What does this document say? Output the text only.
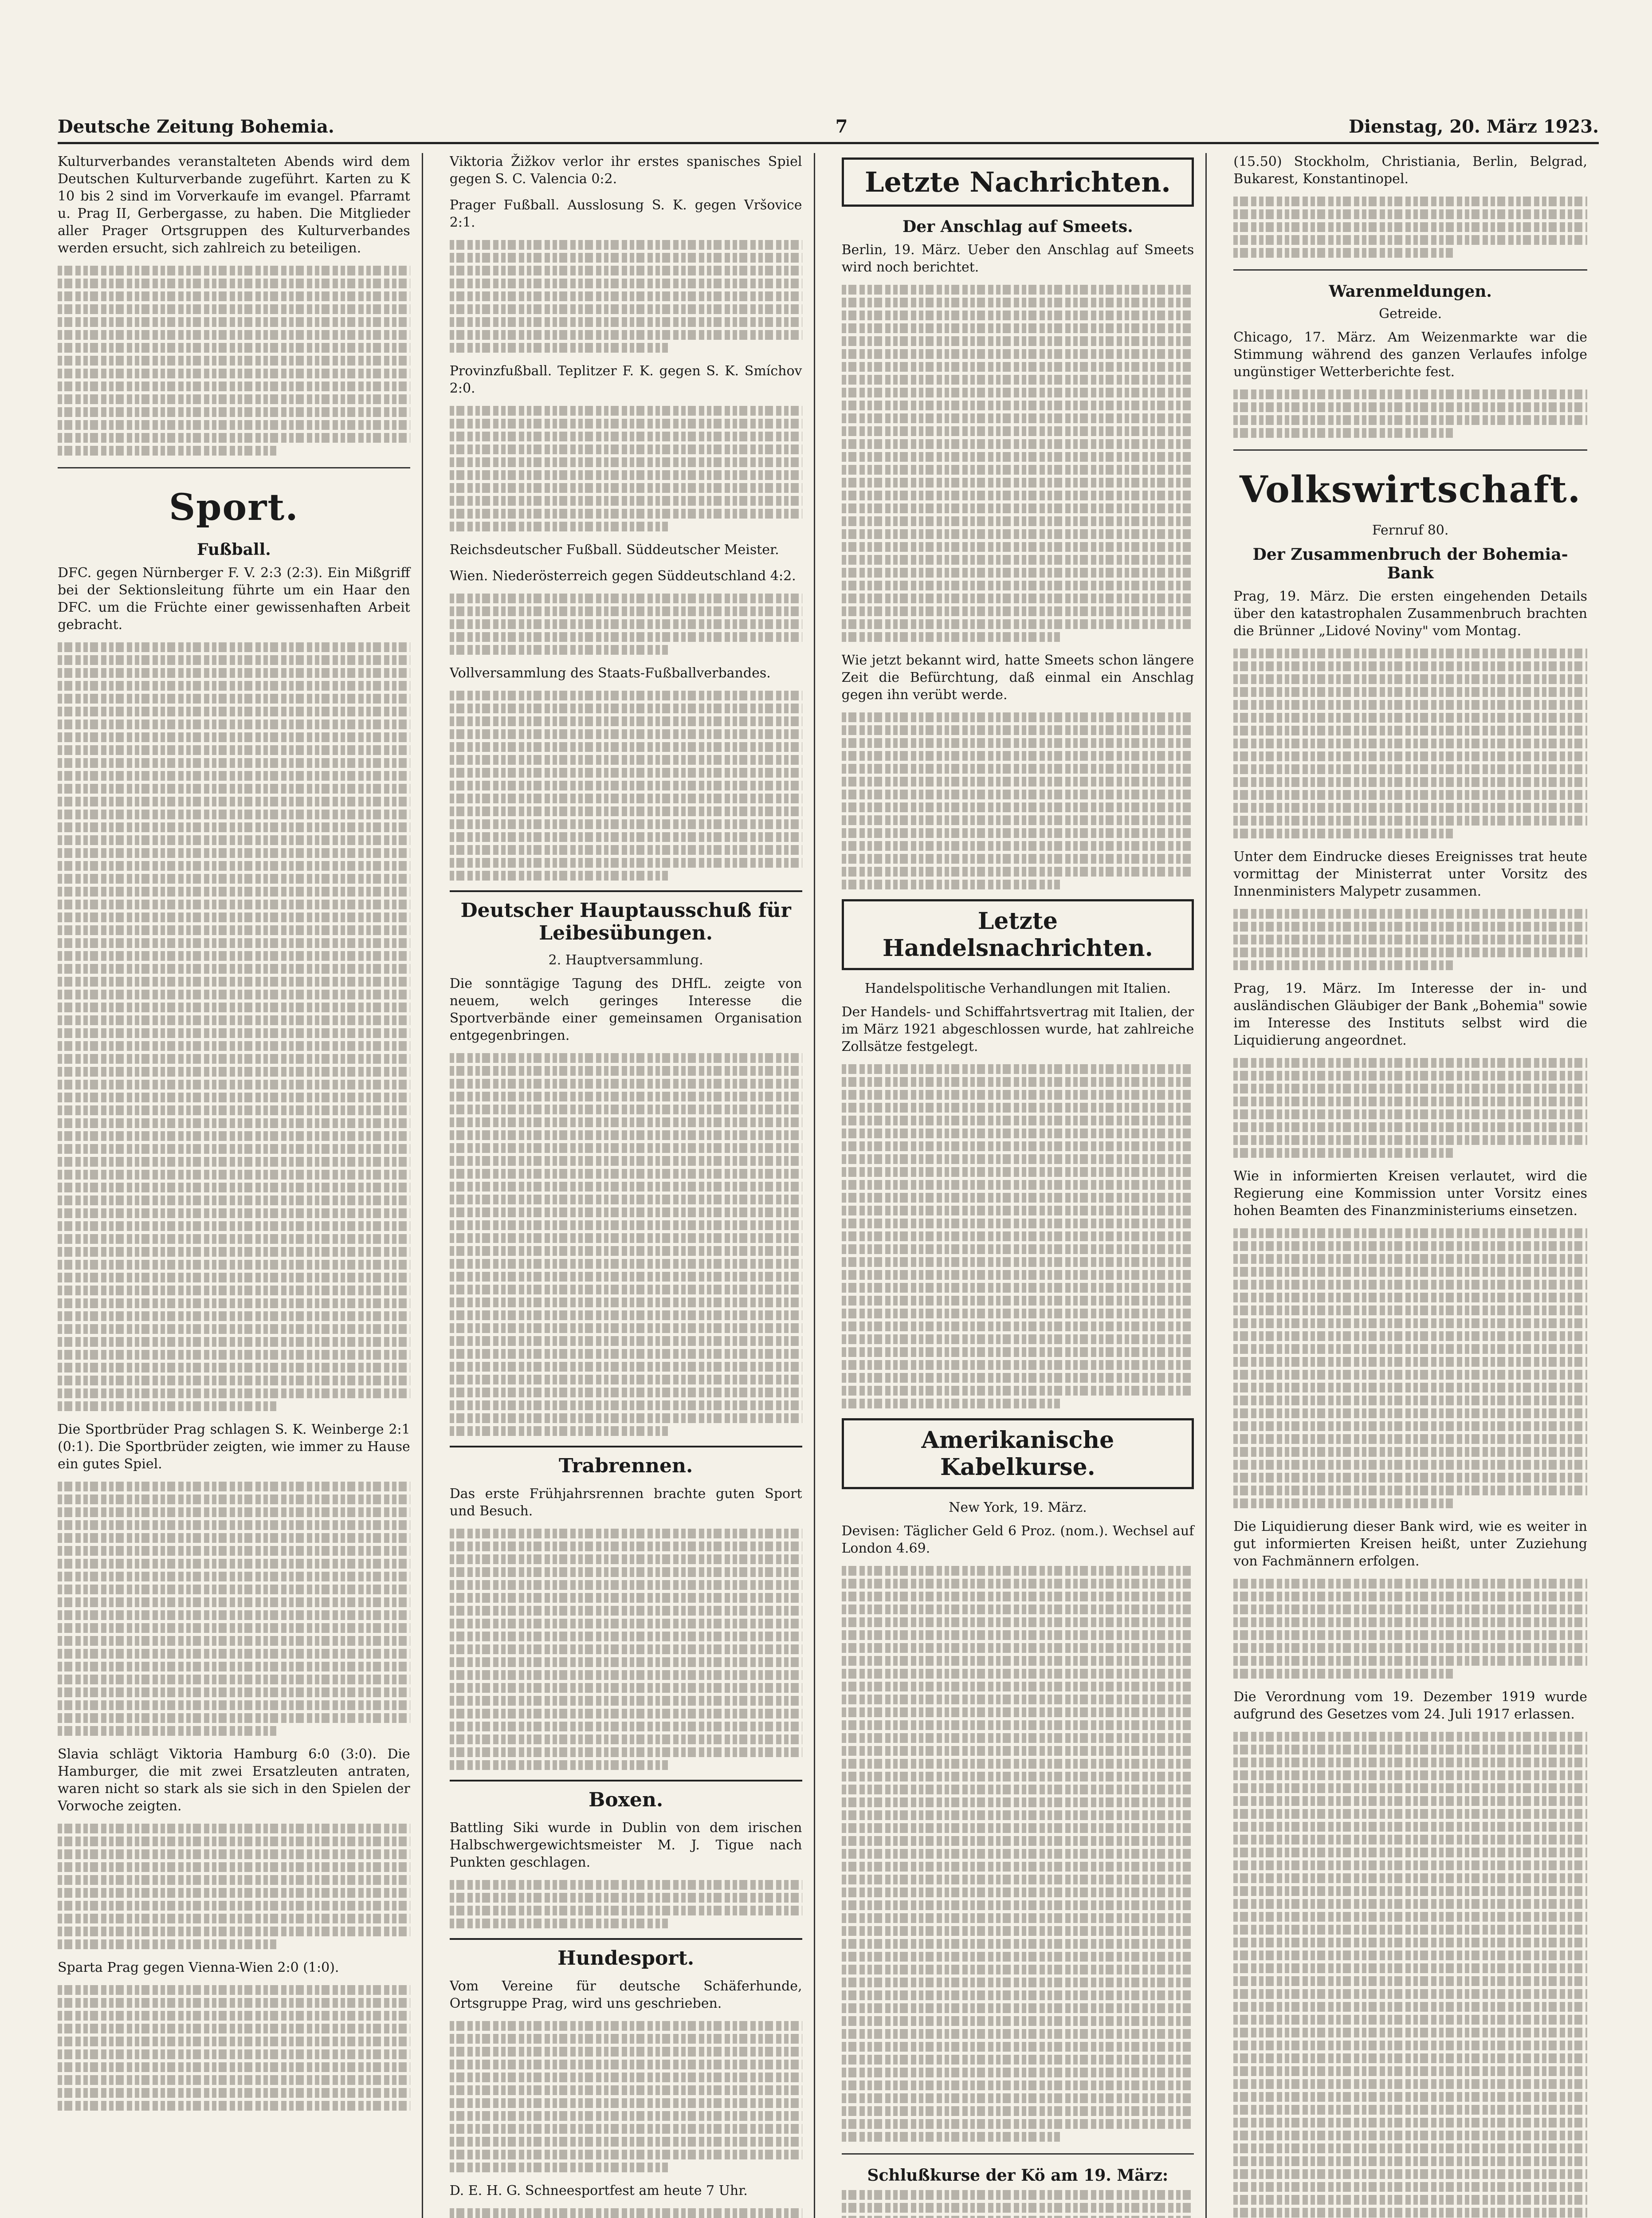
Deutsche Zeitung Bohemia.	7	Dienstag, 20. März 1923.

Kulturverbandes veranstalteten Abends wird dem Deutschen Kulturverbande zugeführt. Karten zu K 10 bis 2 sind im Vorverkaufe im evangel. Pfarramt u. Prag II, Gerbergasse, zu haben. Die Mitglieder aller Prager Ortsgruppen des Kulturverbandes werden ersucht, sich zahlreich zu beteiligen.

Sport.
Fußball.

DFC. gegen Nürnberger F. V. 2:3 (2:3). Ein Mißgriff bei der Sektionsleitung führte um ein Haar den DFC. um die Früchte einer gewissenhaften Arbeit gebracht.

Die Sportbrüder Prag schlagen S. K. Weinberge 2:1 (0:1). Die Sportbrüder zeigten, wie immer zu Hause ein gutes Spiel.

Slavia schlägt Viktoria Hamburg 6:0 (3:0). Die Hamburger, die mit zwei Ersatzleuten antraten, waren nicht so stark als sie sich in den Spielen der Vorwoche zeigten.

Sparta Prag gegen Vienna-Wien 2:0 (1:0).

Viktoria Žižkov verlor ihr erstes spanisches Spiel gegen S. C. Valencia 0:2.

Prager Fußball. Ausslosung S. K. gegen Vršovice 2:1.

Provinzfußball. Teplitzer F. K. gegen S. K. Smíchov 2:0.

Reichsdeutscher Fußball. Süddeutscher Meister.

Wien. Niederösterreich gegen Süddeutschland 4:2.

Vollversammlung des Staats-Fußballverbandes.

Deutscher Hauptausschuß für Leibesübungen.
2. Hauptversammlung.

Die sonntägige Tagung des DHfL. zeigte von neuem, welch geringes Interesse die Sportverbände einer gemeinsamen Organisation entgegenbringen.

Trabrennen.

Das erste Frühjahrsrennen brachte guten Sport und Besuch.

Boxen.

Battling Siki wurde in Dublin von dem irischen Halbschwergewichtsmeister M. J. Tigue nach Punkten geschlagen.

Hundesport.

Vom Vereine für deutsche Schäferhunde, Ortsgruppe Prag, wird uns geschrieben.

D. E. H. G. Schneesportfest am heute 7 Uhr.

Letzte Nachrichten.
Der Anschlag auf Smeets.

Berlin, 19. März. Ueber den Anschlag auf Smeets wird noch berichtet.

Wie jetzt bekannt wird, hatte Smeets schon längere Zeit die Befürchtung, daß einmal ein Anschlag gegen ihn verübt werde.

Letzte Handelsnachrichten.
Handelspolitische Verhandlungen mit Italien.

Der Handels- und Schiffahrtsvertrag mit Italien, der im März 1921 abgeschlossen wurde, hat zahlreiche Zollsätze festgelegt.

Amerikanische Kabelkurse.
New York, 19. März.

Devisen: Täglicher Geld 6 Proz. (nom.). Wechsel auf London 4.69.

Schlußkurse der Kö am 19. März:

(15.50) Stockholm, Christiania, Berlin, Belgrad, Bukarest, Konstantinopel.

Warenmeldungen.
Getreide.

Chicago, 17. März. Am Weizenmarkte war die Stimmung während des ganzen Verlaufes infolge ungünstiger Wetterberichte fest.

Volkswirtschaft.
Fernruf 80.
Der Zusammenbruch der Bohemia-Bank

Prag, 19. März. Die ersten eingehenden Details über den katastrophalen Zusammenbruch brachten die Brünner „Lidové Noviny" vom Montag.

Unter dem Eindrucke dieses Ereignisses trat heute vormittag der Ministerrat unter Vorsitz des Innenministers Malypetr zusammen.

Prag, 19. März. Im Interesse der in- und ausländischen Gläubiger der Bank „Bohemia" sowie im Interesse des Instituts selbst wird die Liquidierung angeordnet.

Wie in informierten Kreisen verlautet, wird die Regierung eine Kommission unter Vorsitz eines hohen Beamten des Finanzministeriums einsetzen.

Die Liquidierung dieser Bank wird, wie es weiter in gut informierten Kreisen heißt, unter Zuziehung von Fachmännern erfolgen.

Die Verordnung vom 19. Dezember 1919 wurde aufgrund des Gesetzes vom 24. Juli 1917 erlassen.
